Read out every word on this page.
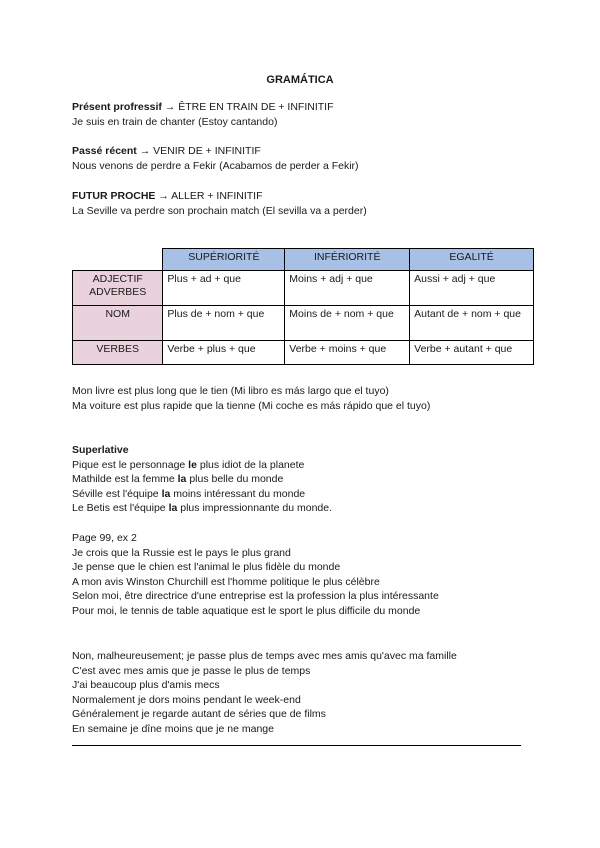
GRAMÁTICA
Présent profressif → ÊTRE EN TRAIN DE + INFINITIF
Je suis en train de chanter (Estoy cantando)
Passé récent → VENIR DE + INFINITIF
Nous venons de perdre a Fekir (Acabamos de perder a Fekir)
FUTUR PROCHE → ALLER + INFINITIF
La Seville va perdre son prochain match (El sevilla va a perder)
	SUPÉRIORITÉ	INFÉRIORITÉ	EGALITÉ
ADJECTIF ADVERBES	Plus + ad + que	Moins + adj + que	Aussi + adj + que
NOM	Plus de + nom + que	Moins de + nom + que	Autant de + nom + que
VERBES	Verbe + plus + que	Verbe + moins + que	Verbe + autant + que
Mon livre est plus long que le tien (Mi libro es más largo que el tuyo)
Ma voiture est plus rapide que la tienne (Mi coche es más rápido que el tuyo)
Superlative
Pique est le personnage le plus idiot de la planete
Mathilde est la femme la plus belle du monde
Séville est l'équipe la moins intéressant du monde
Le Betis est l'équipe la plus impressionnante du monde.
Page 99, ex 2
Je crois que la Russie est le pays le plus grand
Je pense que le chien est l'animal le plus fidèle du monde
A mon avis Winston Churchill est l'homme politique le plus célèbre
Selon moi, être directrice d'une entreprise est la profession la plus intéressante
Pour moi, le tennis de table aquatique est le sport le plus difficile du monde
Non, malheureusement; je passe plus de temps avec mes amis qu'avec ma famille
C'est avec mes amis que je passe le plus de temps
J'ai beaucoup plus d'amis mecs
Normalement je dors moins pendant le week-end
Généralement je regarde autant de séries que de films
En semaine je dîne moins que je ne mange
